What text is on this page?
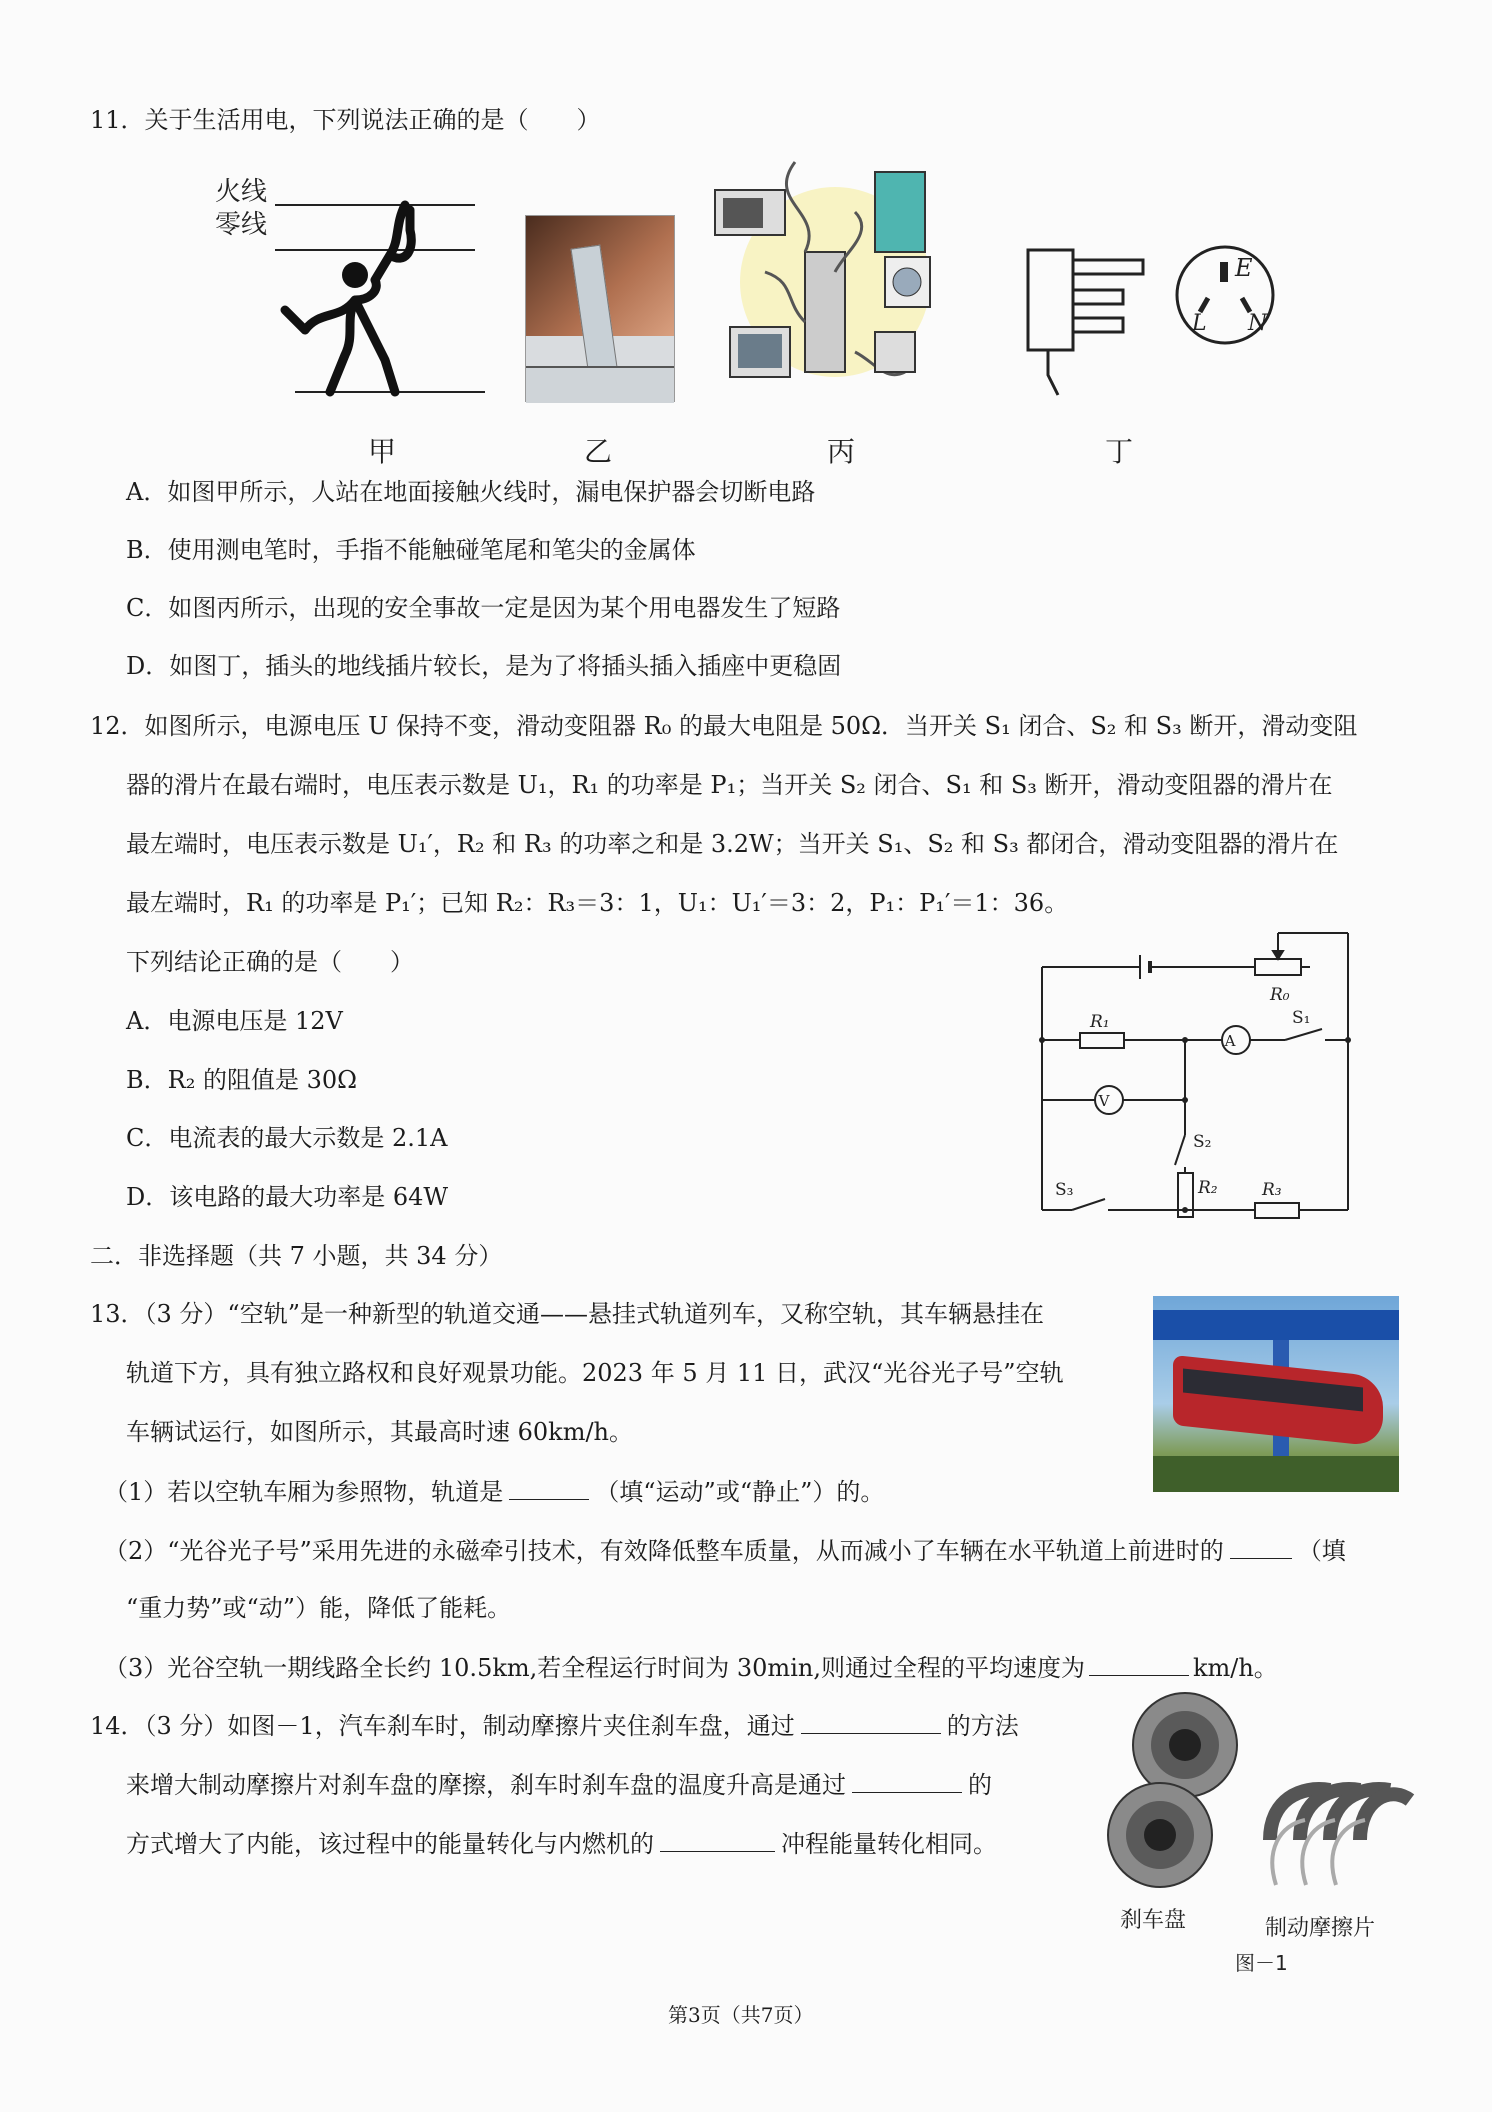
11．关于生活用电，下列说法正确的是（　　）
火线
零线
E
L N
甲	乙	丙	丁
A．如图甲所示，人站在地面接触火线时，漏电保护器会切断电路
B．使用测电笔时，手指不能触碰笔尾和笔尖的金属体
C．如图丙所示，出现的安全事故一定是因为某个用电器发生了短路
D．如图丁，插头的地线插片较长，是为了将插头插入插座中更稳固
12．如图所示，电源电压 U 保持不变，滑动变阻器 R₀ 的最大电阻是 50Ω．当开关 S₁ 闭合、S₂ 和 S₃ 断开，滑动变阻
器的滑片在最右端时，电压表示数是 U₁，R₁ 的功率是 P₁；当开关 S₂ 闭合、S₁ 和 S₃ 断开，滑动变阻器的滑片在
最左端时，电压表示数是 U₁′，R₂ 和 R₃ 的功率之和是 3.2W；当开关 S₁、S₂ 和 S₃ 都闭合，滑动变阻器的滑片在
最左端时，R₁ 的功率是 P₁′；已知 R₂：R₃＝3：1，U₁：U₁′＝3：2，P₁：P₁′＝1：36。
下列结论正确的是（　　）
A．电源电压是 12V
B．R₂ 的阻值是 30Ω
C．电流表的最大示数是 2.1A
D．该电路的最大功率是 64W
R₀
R₁
A
V
S₁
S₂
R₂
S₃	R₃
二．非选择题（共 7 小题，共 34 分）
13．（3 分）“空轨”是一种新型的轨道交通——悬挂式轨道列车，又称空轨，其车辆悬挂在
轨道下方，具有独立路权和良好观景功能。2023 年 5 月 11 日，武汉“光谷光子号”空轨
车辆试运行，如图所示，其最高时速 60km/h。
（1）若以空轨车厢为参照物，轨道是	（填“运动”或“静止”）的。
（2）“光谷光子号”采用先进的永磁牵引技术，有效降低整车质量，从而减小了车辆在水平轨道上前进时的	（填
“重力势”或“动”）能，降低了能耗。
（3）光谷空轨一期线路全长约 10.5km,若全程运行时间为 30min,则通过全程的平均速度为	km/h。
14．（3 分）如图－1，汽车刹车时，制动摩擦片夹住刹车盘，通过	的方法
来增大制动摩擦片对刹车盘的摩擦，刹车时刹车盘的温度升高是通过	的
方式增大了内能，该过程中的能量转化与内燃机的	冲程能量转化相同。
刹车盘	制动摩擦片
图－1
第3页（共7页）
